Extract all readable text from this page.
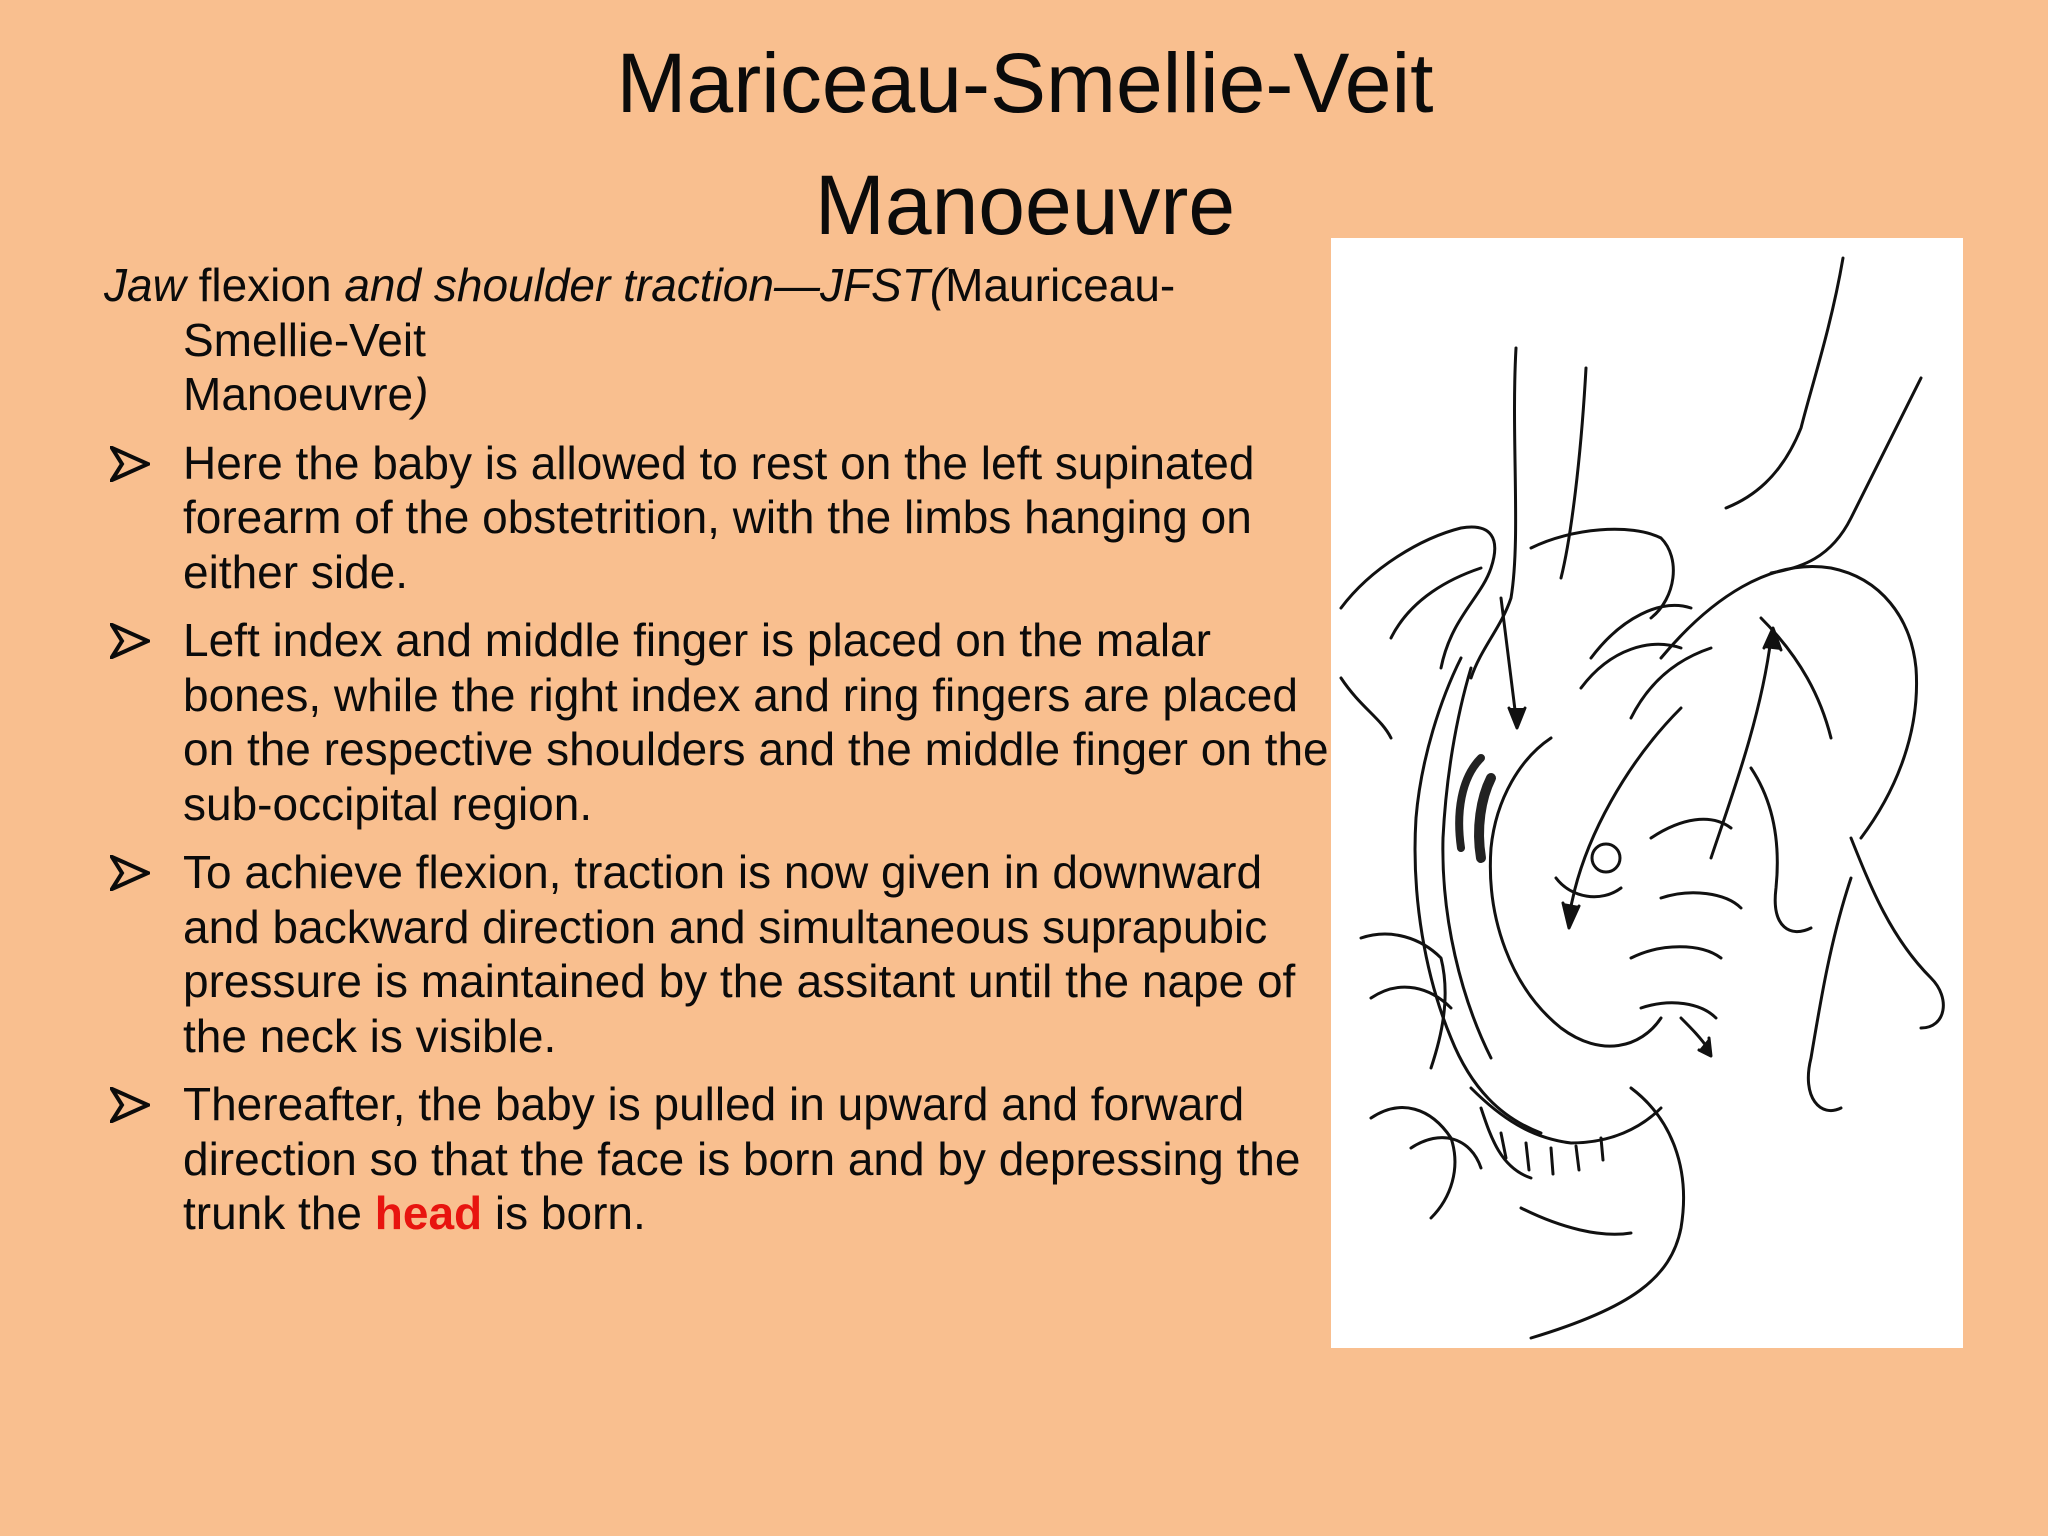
Mariceau-Smellie-Veit
Manoeuvre

Jaw flexion and shoulder traction—JFST(Mauriceau-
Smellie-Veit
Manoeuvre)

Here the baby is allowed to rest on the left supinated forearm of the obstetrition, with the limbs hanging on either side.
Left index and middle finger is placed on the malar bones, while the right index and ring fingers are placed on the respective shoulders and the middle finger on the sub-occipital region.
To achieve flexion, traction is now given in downward and backward direction and simultaneous suprapubic pressure is maintained by the assitant until the nape of the neck is visible.
Thereafter, the baby is pulled in upward and forward direction so that the face is born and by depressing the trunk the head is born.
